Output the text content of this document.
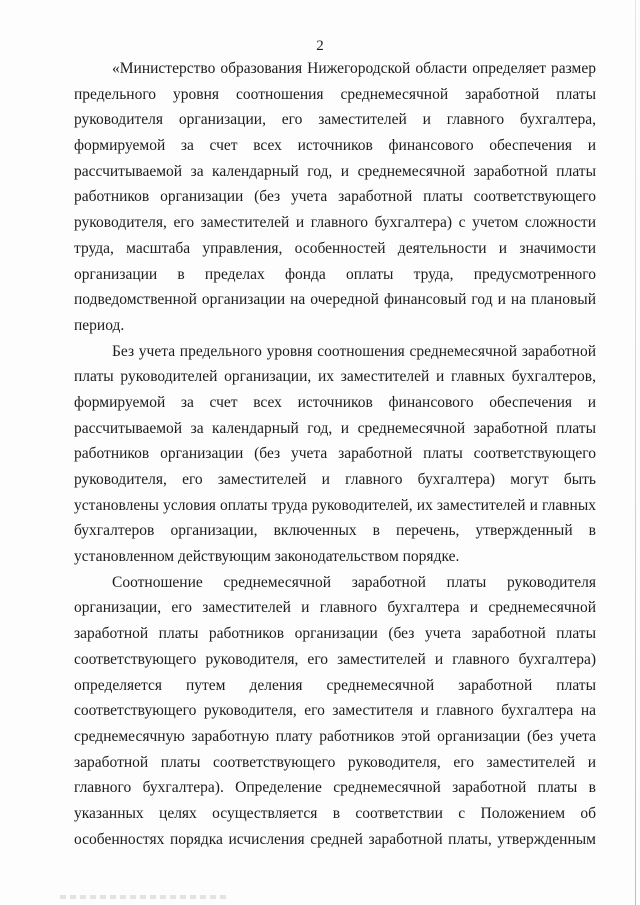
2
«Министерство образования Нижегородской области определяет размер
предельного уровня соотношения среднемесячной заработной платы
руководителя организации, его заместителей и главного бухгалтера,
формируемой за счет всех источников финансового обеспечения и
рассчитываемой за календарный год, и среднемесячной заработной платы
работников организации (без учета заработной платы соответствующего
руководителя, его заместителей и главного бухгалтера) с учетом сложности
труда, масштаба управления, особенностей деятельности и значимости
организации в пределах фонда оплаты труда, предусмотренного
подведомственной организации на очередной финансовый год и на плановый
период.
Без учета предельного уровня соотношения среднемесячной заработной
платы руководителей организации, их заместителей и главных бухгалтеров,
формируемой за счет всех источников финансового обеспечения и
рассчитываемой за календарный год, и среднемесячной заработной платы
работников организации (без учета заработной платы соответствующего
руководителя, его заместителей и главного бухгалтера) могут быть
установлены условия оплаты труда руководителей, их заместителей и главных
бухгалтеров организации, включенных в перечень, утвержденный в
установленном действующим законодательством порядке.
Соотношение среднемесячной заработной платы руководителя
организации, его заместителей и главного бухгалтера и среднемесячной
заработной платы работников организации (без учета заработной платы
соответствующего руководителя, его заместителей и главного бухгалтера)
определяется путем деления среднемесячной заработной платы
соответствующего руководителя, его заместителя и главного бухгалтера на
среднемесячную заработную плату работников этой организации (без учета
заработной платы соответствующего руководителя, его заместителей и
главного бухгалтера). Определение среднемесячной заработной платы в
указанных целях осуществляется в соответствии с Положением об
особенностях порядка исчисления средней заработной платы, утвержденным
